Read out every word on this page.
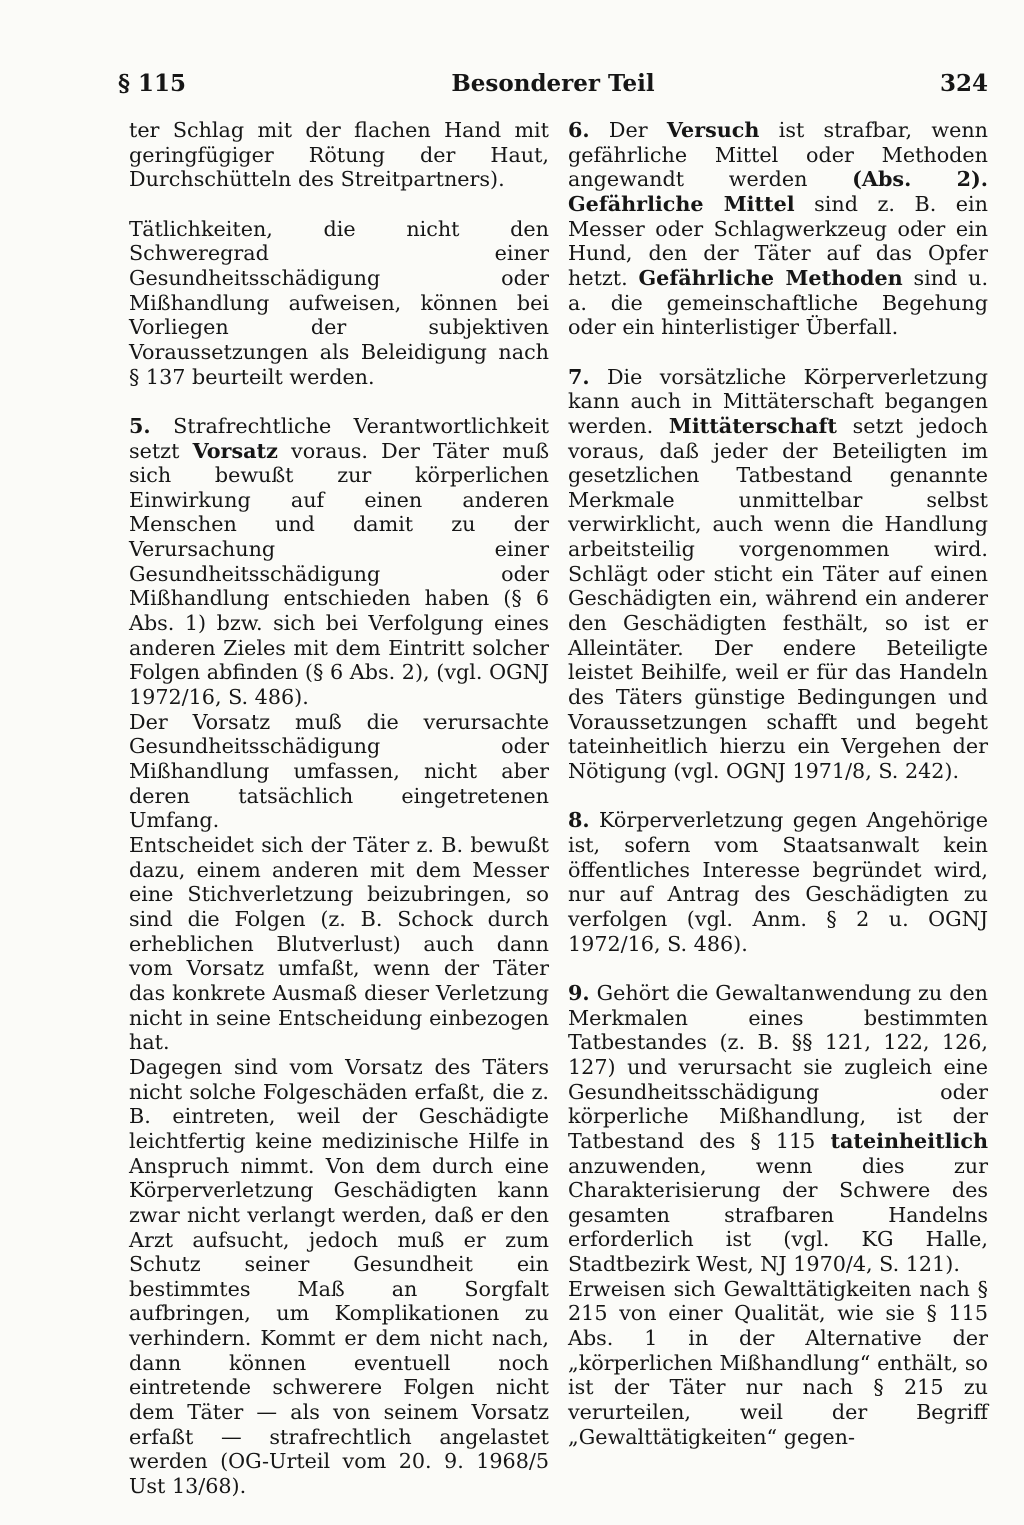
§ 115	Besonderer Teil	324

ter Schlag mit der flachen Hand mit geringfügiger Rötung der Haut, Durchschütteln des Streitpartners).

Tätlichkeiten, die nicht den Schweregrad einer Gesundheitsschädigung oder Mißhandlung aufweisen, können bei Vorliegen der subjektiven Voraussetzungen als Beleidigung nach § 137 beurteilt werden.

5. Strafrechtliche Verantwortlichkeit setzt Vorsatz voraus. Der Täter muß sich bewußt zur körperlichen Einwirkung auf einen anderen Menschen und damit zu der Verursachung einer Gesundheitsschädigung oder Mißhandlung entschieden haben (§ 6 Abs. 1) bzw. sich bei Verfolgung eines anderen Zieles mit dem Eintritt solcher Folgen abfinden (§ 6 Abs. 2), (vgl. OGNJ 1972/16, S. 486).

Der Vorsatz muß die verursachte Gesundheitsschädigung oder Mißhandlung umfassen, nicht aber deren tatsächlich eingetretenen Umfang.

Entscheidet sich der Täter z. B. bewußt dazu, einem anderen mit dem Messer eine Stichverletzung beizubringen, so sind die Folgen (z. B. Schock durch erheblichen Blutverlust) auch dann vom Vorsatz umfaßt, wenn der Täter das konkrete Ausmaß dieser Verletzung nicht in seine Entscheidung einbezogen hat.

Dagegen sind vom Vorsatz des Täters nicht solche Folgeschäden erfaßt, die z. B. eintreten, weil der Geschädigte leichtfertig keine medizinische Hilfe in Anspruch nimmt. Von dem durch eine Körperverletzung Geschädigten kann zwar nicht verlangt werden, daß er den Arzt aufsucht, jedoch muß er zum Schutz seiner Gesundheit ein bestimmtes Maß an Sorgfalt aufbringen, um Komplikationen zu verhindern. Kommt er dem nicht nach, dann können eventuell noch eintretende schwerere Folgen nicht dem Täter — als von seinem Vorsatz erfaßt — strafrechtlich angelastet werden (OG-Urteil vom 20. 9. 1968/5 Ust 13/68).

6. Der Versuch ist strafbar, wenn gefährliche Mittel oder Methoden angewandt werden (Abs. 2). Gefährliche Mittel sind z. B. ein Messer oder Schlagwerkzeug oder ein Hund, den der Täter auf das Opfer hetzt. Gefährliche Methoden sind u. a. die gemeinschaftliche Begehung oder ein hinterlistiger Überfall.

7. Die vorsätzliche Körperverletzung kann auch in Mittäterschaft begangen werden. Mittäterschaft setzt jedoch voraus, daß jeder der Beteiligten im gesetzlichen Tatbestand genannte Merkmale unmittelbar selbst verwirklicht, auch wenn die Handlung arbeitsteilig vorgenommen wird. Schlägt oder sticht ein Täter auf einen Geschädigten ein, während ein anderer den Geschädigten festhält, so ist er Alleintäter. Der endere Beteiligte leistet Beihilfe, weil er für das Handeln des Täters günstige Bedingungen und Voraussetzungen schafft und begeht tateinheitlich hierzu ein Vergehen der Nötigung (vgl. OGNJ 1971/8, S. 242).

8. Körperverletzung gegen Angehörige ist, sofern vom Staatsanwalt kein öffentliches Interesse begründet wird, nur auf Antrag des Geschädigten zu verfolgen (vgl. Anm. § 2 u. OGNJ 1972/16, S. 486).

9. Gehört die Gewaltanwendung zu den Merkmalen eines bestimmten Tatbestandes (z. B. §§ 121, 122, 126, 127) und verursacht sie zugleich eine Gesundheitsschädigung oder körperliche Mißhandlung, ist der Tatbestand des § 115 tateinheitlich anzuwenden, wenn dies zur Charakterisierung der Schwere des gesamten strafbaren Handelns erforderlich ist (vgl. KG Halle, Stadtbezirk West, NJ 1970/4, S. 121).

Erweisen sich Gewalttätigkeiten nach § 215 von einer Qualität, wie sie § 115 Abs. 1 in der Alternative der „körperlichen Mißhandlung“ enthält, so ist der Täter nur nach § 215 zu verurteilen, weil der Begriff „Gewalttätigkeiten“ gegen-
